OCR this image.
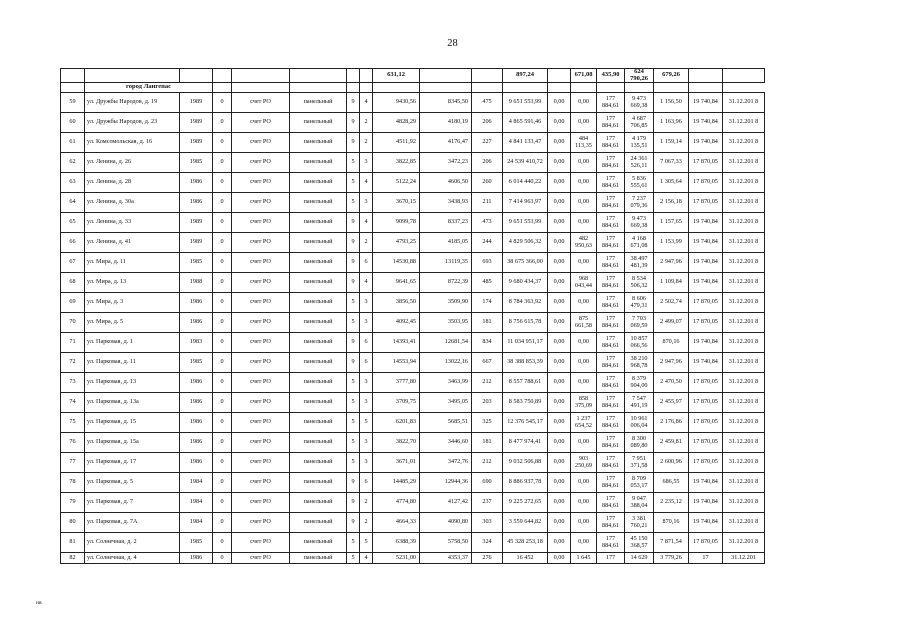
28
								631,12			897,24		671,08	435,90	624 790,26	679,26		
	город Лангепас																	
59	ул. Дружбы Народов, д. 19	1989	0	счет РО	панельный	9	4	9430,56	8345,50	475	9 651 553,99	0,00	0,00	177 884,61	9 473 669,38	1 156,50	19 740,84	31.12.201 8
60	ул. Дружбы Народов, д. 23	1989	0	счет РО	панельный	9	2	4828,29	4180,19	206	4 865 591,46	0,00	0,00	177 884,61	4 687 706,85	1 163,96	19 740,84	31.12.201 8
61	ул. Комсомольская, д. 16	1989	0	счет РО	панельный	9	2	4511,92	4176,47	227	4 841 133,47	0,00	484 113,35	177 884,61	4 179 135,51	1 159,14	19 740,84	31.12.201 8
62	ул. Ленина, д. 26	1985	0	счет РО	панельный	5	3	3822,85	3472,23	206	24 539 410,72	0,00	0,00	177 884,61	24 361 526,11	7 067,33	17 870,05	31.12.201 8
63	ул. Ленина, д. 28	1986	0	счет РО	панельный	5	4	5122,24	4606,50	260	6 014 440,22	0,00	0,00	177 884,61	5 836 555,61	1 305,64	17 870,05	31.12.201 8
64	ул. Ленина, д. 30а	1986	0	счет РО	панельный	5	3	3670,15	3438,93	211	7 414 963,97	0,00	0,00	177 884,61	7 237 079,36	2 156,18	17 870,05	31.12.201 8
65	ул. Ленина, д. 33	1989	0	счет РО	панельный	9	4	9099,78	8337,23	473	9 651 553,99	0,00	0,00	177 884,61	9 473 669,38	1 157,65	19 740,84	31.12.201 8
66	ул. Ленина, д. 41	1989	0	счет РО	панельный	9	2	4793,25	4185,05	244	4 829 506,32	0,00	482 950,63	177 884,61	4 168 671,08	1 153,99	19 740,84	31.12.201 8
67	ул. Мира, д. 11	1985	0	счет РО	панельный	9	6	14530,88	13119,35	693	38 675 366,00	0,00	0,00	177 884,61	38 497 481,39	2 947,96	19 740,84	31.12.201 8
68	ул. Мира, д. 13	1988	0	счет РО	панельный	9	4	9641,65	8722,39	485	9 680 434,37	0,00	968 043,44	177 884,61	8 534 506,32	1 109,84	19 740,84	31.12.201 8
69	ул. Мира, д. 3	1986	0	счет РО	панельный	5	3	3856,50	3509,90	174	8 784 363,92	0,00	0,00	177 884,61	8 606 479,31	2 502,74	17 870,05	31.12.201 8
70	ул. Мира, д. 5	1986	0	счет РО	панельный	5	3	4092,45	3503,95	181	8 756 615,78	0,00	875 661,58	177 884,61	7 703 069,59	2 499,07	17 870,05	31.12.201 8
71	ул. Парковая, д. 1	1983	0	счет РО	панельный	9	6	14393,41	12681,54	834	11 034 951,17	0,00	0,00	177 884,61	10 857 066,56	870,16	19 740,84	31.12.201 8
72	ул. Парковая, д. 11	1985	0	счет РО	панельный	9	6	14553,94	13022,16	667	38 388 853,39	0,00	0,00	177 884,61	38 210 968,78	2 947,96	19 740,84	31.12.201 8
73	ул. Парковая, д. 13	1986	0	счет РО	панельный	5	3	3777,80	3463,99	212	8 557 788,61	0,00	0,00	177 884,61	8 379 904,00	2 470,50	17 870,05	31.12.201 8
74	ул. Парковая, д. 13а	1986	0	счет РО	панельный	5	3	3709,75	3495,05	203	8 583 750,89	0,00	858 375,09	177 884,61	7 547 491,19	2 455,97	17 870,05	31.12.201 8
75	ул. Парковая, д. 15	1986	0	счет РО	панельный	5	5	6201,83	5685,51	325	12 376 545,17	0,00	1 237 654,52	177 884,61	10 961 006,04	2 176,86	17 870,05	31.12.201 8
76	ул. Парковая, д. 15а	1986	0	счет РО	панельный	5	3	3822,70	3446,60	181	8 477 974,41	0,00	0,00	177 884,61	8 300 089,80	2 459,81	17 870,05	31.12.201 8
77	ул. Парковая, д. 17	1986	0	счет РО	панельный	5	3	3671,01	3472,76	212	9 032 506,88	0,00	903 250,69	177 884,61	7 951 371,58	2 600,96	17 870,05	31.12.201 8
78	ул. Парковая, д. 5	1984	0	счет РО	панельный	9	6	14485,29	12944,36	690	8 886 937,78	0,00	0,00	177 884,61	8 709 053,17	686,55	19 740,84	31.12.201 8
79	ул. Парковая, д. 7	1984	0	счет РО	панельный	9	2	4774,80	4127,42	237	9 225 272,65	0,00	0,00	177 884,61	9 047 388,04	2 235,12	19 740,84	31.12.201 8
80	ул. Парковая, д. 7А	1984	0	счет РО	панельный	9	2	4664,33	4090,80	303	3 559 644,82	0,00	0,00	177 884,61	3 381 760,21	870,16	19 740,84	31.12.201 8
81	ул. Солнечная, д. 2	1985	0	счет РО	панельный	5	5	6388,39	5758,50	324	45 328 253,18	0,00	0,00	177 884,61	45 150 368,57	7 871,54	17 870,05	31.12.201 8
82	ул. Солнечная, д. 4	1986	0	счет РО	панельный	5	4	5231,00	4353,37	276	16 452	0,00	1 645	177	14 629	3 779,26	17	31.12.201
нв
